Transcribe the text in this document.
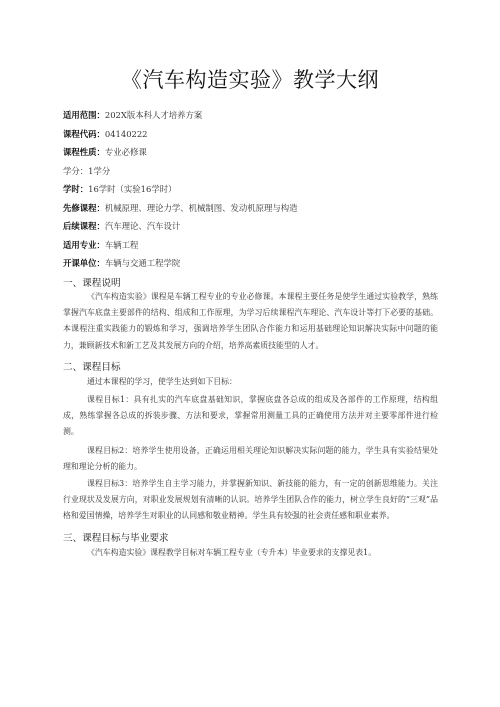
《汽车构造实验》教学大纲
适用范围：202X版本科人才培养方案
课程代码：04140222
课程性质：专业必修课
学分：1学分
学时：16学时（实验16学时）
先修课程：机械原理、理论力学、机械制图、发动机原理与构造
后续课程：汽车理论、汽车设计
适用专业：车辆工程
开课单位：车辆与交通工程学院
一、课程说明
《汽车构造实验》课程是车辆工程专业的专业必修课。本课程主要任务是使学生通过实验教学，熟练掌握汽车底盘主要部件的结构、组成和工作原理，为学习后续课程汽车理论、汽车设计等打下必要的基础。本课程注重实践能力的锻炼和学习，强调培养学生团队合作能力和运用基础理论知识解决实际中问题的能力，兼顾新技术和新工艺及其发展方向的介绍，培养高素质技能型的人才。
二、课程目标
通过本课程的学习，使学生达到如下目标：
课程目标1：具有扎实的汽车底盘基础知识，掌握底盘各总成的组成及各部件的工作原理，结构组成，熟练掌握各总成的拆装步骤、方法和要求，掌握常用测量工具的正确使用方法并对主要零部件进行检测。
课程目标2：培养学生使用设备，正确运用相关理论知识解决实际问题的能力，学生具有实验结果处理和理论分析的能力。
课程目标3：培养学生自主学习能力，并掌握新知识、新技能的能力，有一定的创新思维能力。关注行业现状及发展方向，对职业发展规划有清晰的认识。培养学生团队合作的能力，树立学生良好的“三观”品格和爱国情操，培养学生对职业的认同感和敬业精神。学生具有较强的社会责任感和职业素养。
三、课程目标与毕业要求
《汽车构造实验》课程教学目标对车辆工程专业（专升本）毕业要求的支撑见表1。
